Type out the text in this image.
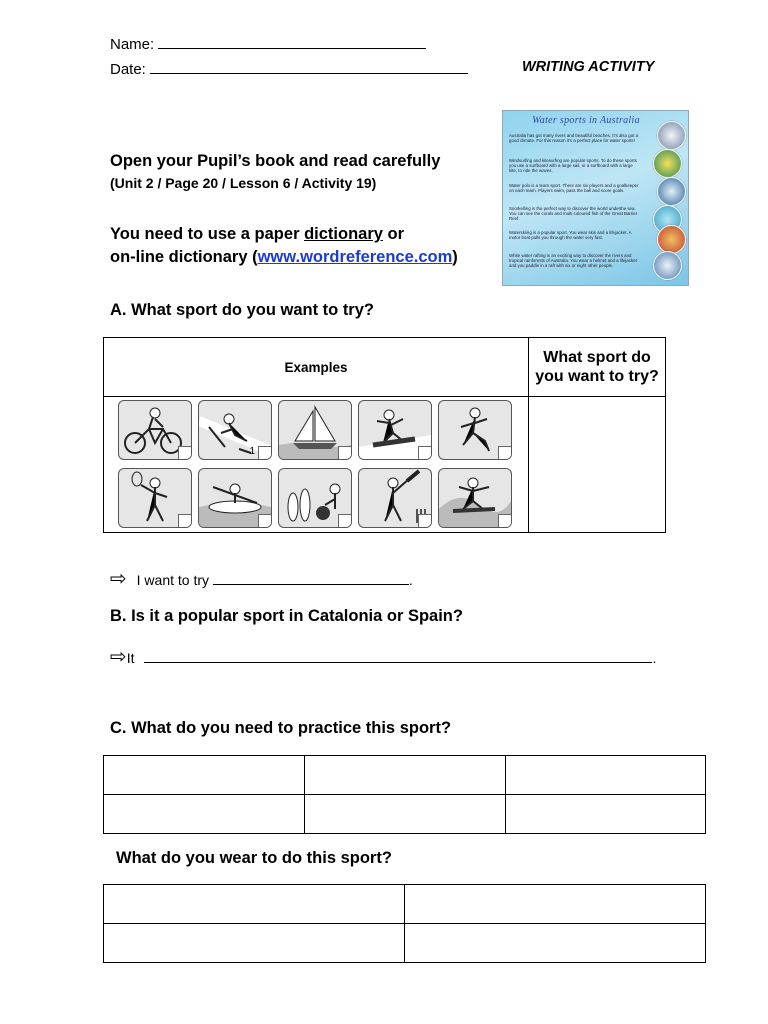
Name:
Date:	WRITING ACTIVITY
Open your Pupil’s book and read carefully
(Unit 2 / Page 20 / Lesson 6 / Activity 19)
You need to use a paper dictionary or
on-line dictionary (www.wordreference.com)
Water sports in Australia
Australia has got many rivers and beautiful beaches. It’s also got a good climate. For this reason it’s a perfect place for water sports!
Windsurfing and kitesurfing are popular sports. To do these sports you use a surfboard with a large sail, or a surfboard with a large kite, to ride the waves.
Water polo is a team sport. There are six players and a goalkeeper on each team. Players swim, pass the ball and score goals.
Snorkelling is the perfect way to discover the world underthe sea. You can see the corals and multi coloured fish of the Great Barrier Reef.
Waterskiing is a popular sport. You wear skis and a lifejacket. A motor boat pulls you through the water very fast.
White water rafting is an exciting way to discover the rivers and tropical rainforests of Australia. You wear a helmet and a lifejacket and you paddle in a raft with six or eight other people.
A. What sport do you want to try?
Examples	What sport do you want to try?

1	

⇨ I want to try	.
B. Is it a popular sport in Catalonia or Spain?
⇨It	.
C. What do you need to practice this sport?

What do you wear to do this sport?
